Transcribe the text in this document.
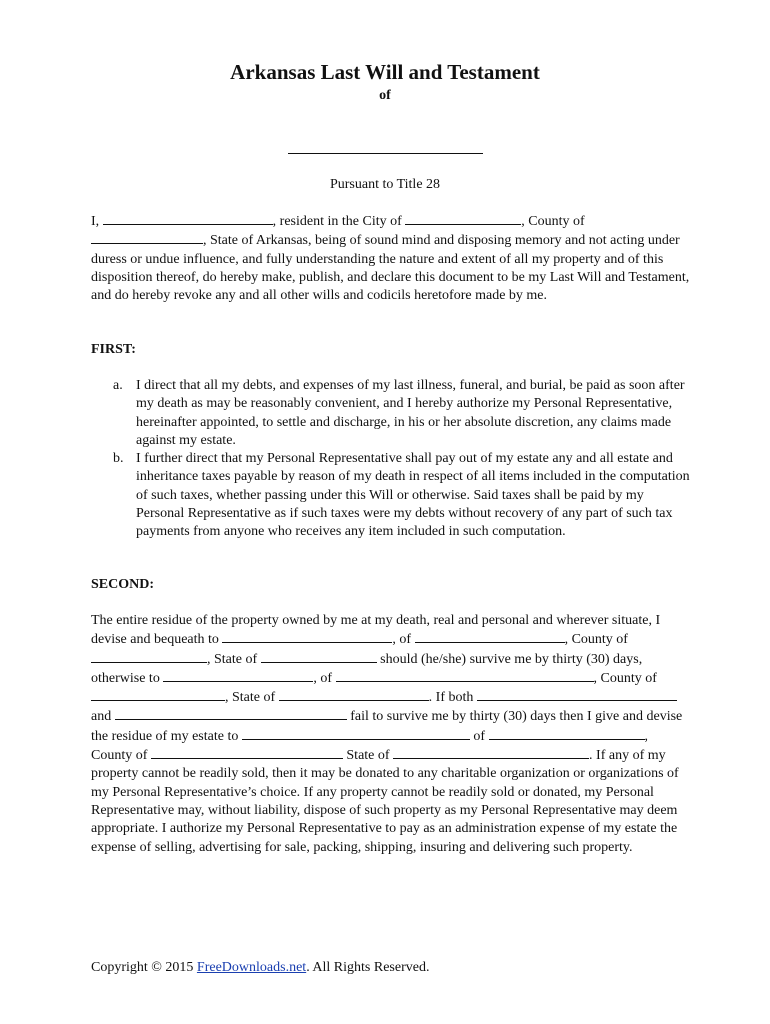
Arkansas Last Will and Testament
of
Pursuant to Title 28
I,	, resident in the City of	, County of , State of Arkansas, being of sound mind and disposing memory and not acting under duress or undue influence, and fully understanding the nature and extent of all my property and of this disposition thereof, do hereby make, publish, and declare this document to be my Last Will and Testament, and do hereby revoke any and all other wills and codicils heretofore made by me.
FIRST:
a. I direct that all my debts, and expenses of my last illness, funeral, and burial, be paid as soon after my death as may be reasonably convenient, and I hereby authorize my Personal Representative, hereinafter appointed, to settle and discharge, in his or her absolute discretion, any claims made against my estate.
b. I further direct that my Personal Representative shall pay out of my estate any and all estate and inheritance taxes payable by reason of my death in respect of all items included in the computation of such taxes, whether passing under this Will or otherwise. Said taxes shall be paid by my Personal Representative as if such taxes were my debts without recovery of any part of such tax payments from anyone who receives any item included in such computation.
SECOND:
The entire residue of the property owned by me at my death, real and personal and wherever situate, I devise and bequeath to	, of	, County of , State of	should (he/she) survive me by thirty (30) days, otherwise to	, of	, County of , State of	. If both  and	fail to survive me by thirty (30) days then I give and devise the residue of my estate to	of	, County of	State of	. If any of my property cannot be readily sold, then it may be donated to any charitable organization or organizations of my Personal Representative’s choice. If any property cannot be readily sold or donated, my Personal Representative may, without liability, dispose of such property as my Personal Representative may deem appropriate. I authorize my Personal Representative to pay as an administration expense of my estate the expense of selling, advertising for sale, packing, shipping, insuring and delivering such property.
Copyright © 2015 FreeDownloads.net. All Rights Reserved.
